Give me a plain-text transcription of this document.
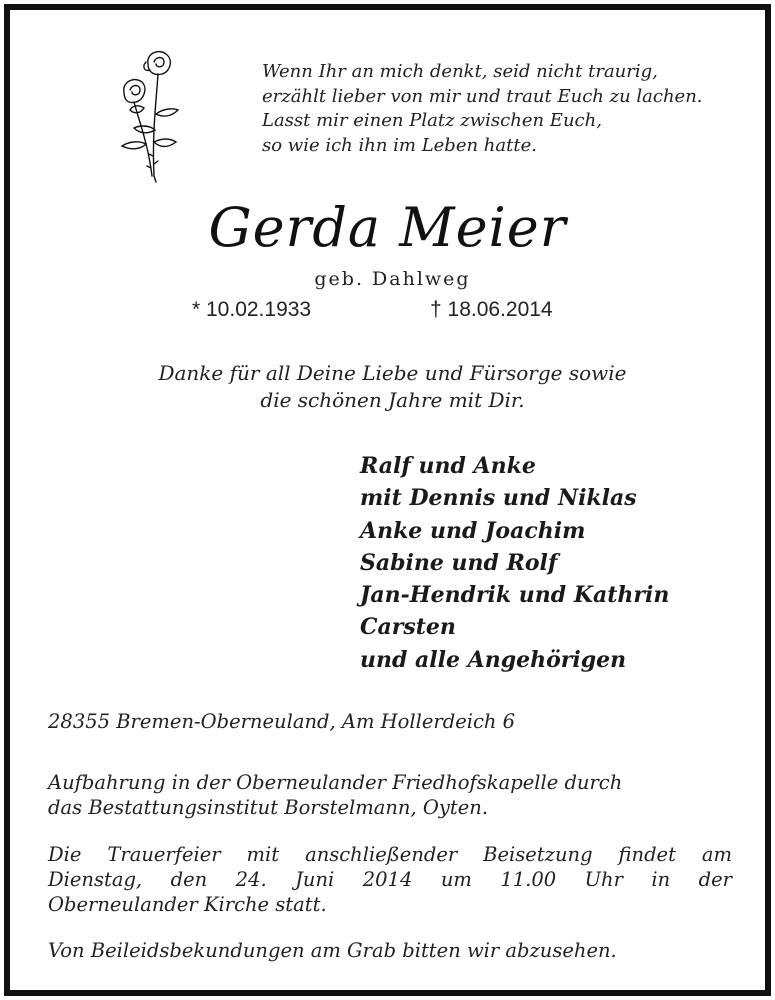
Wenn Ihr an mich denkt, seid nicht traurig,
erzählt lieber von mir und traut Euch zu lachen.
Lasst mir einen Platz zwischen Euch,
so wie ich ihn im Leben hatte.
Gerda Meier
geb. Dahlweg
* 10.02.1933	† 18.06.2014
Danke für all Deine Liebe und Fürsorge sowie
die schönen Jahre mit Dir.
Ralf und Anke
mit Dennis und Niklas
Anke und Joachim
Sabine und Rolf
Jan-Hendrik und Kathrin
Carsten
und alle Angehörigen
28355 Bremen-Oberneuland, Am Hollerdeich 6
Aufbahrung in der Oberneulander Friedhofskapelle durch
das Bestattungsinstitut Borstelmann, Oyten.
Die Trauerfeier mit anschließender Beisetzung findet am
Dienstag, den 24. Juni 2014 um 11.00 Uhr in der
Oberneulander Kirche statt.
Von Beileidsbekundungen am Grab bitten wir abzusehen.
